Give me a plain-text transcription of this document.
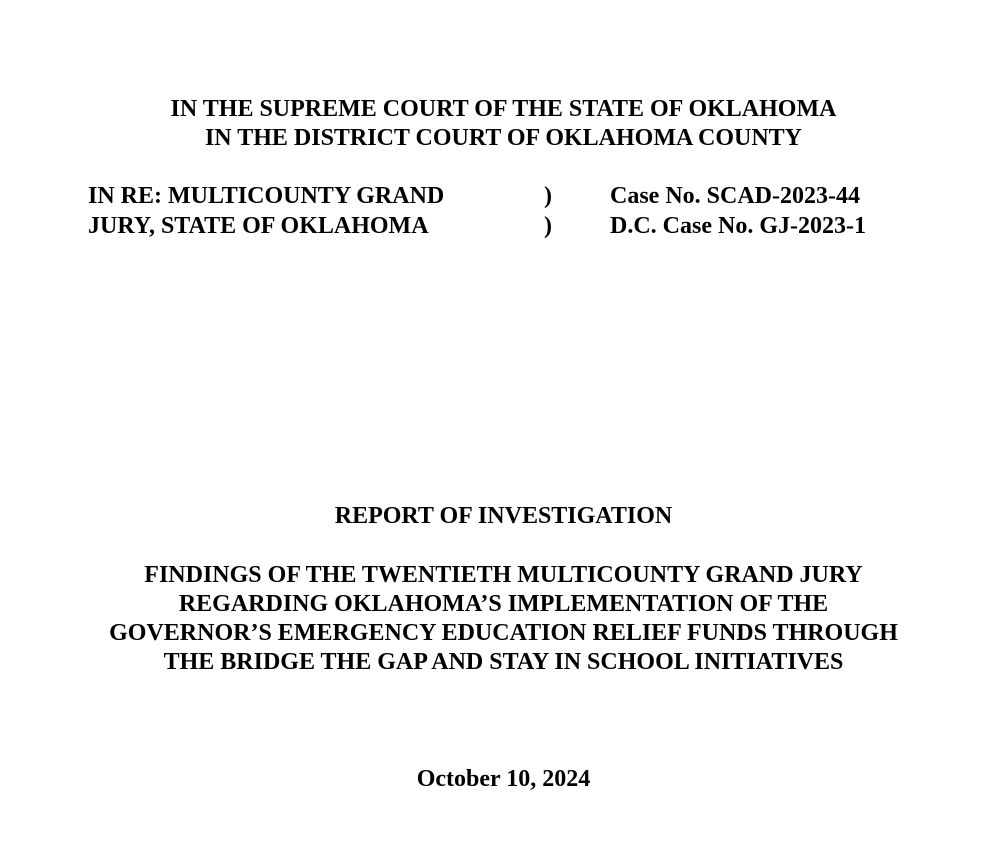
IN THE SUPREME COURT OF THE STATE OF OKLAHOMA
IN THE DISTRICT COURT OF OKLAHOMA COUNTY
IN RE: MULTICOUNTY GRAND
JURY, STATE OF OKLAHOMA
)
)
Case No. SCAD-2023-44
D.C. Case No. GJ-2023-1
REPORT OF INVESTIGATION
FINDINGS OF THE TWENTIETH MULTICOUNTY GRAND JURY
REGARDING OKLAHOMA’S IMPLEMENTATION OF THE
GOVERNOR’S EMERGENCY EDUCATION RELIEF FUNDS THROUGH
THE BRIDGE THE GAP AND STAY IN SCHOOL INITIATIVES
October 10, 2024
